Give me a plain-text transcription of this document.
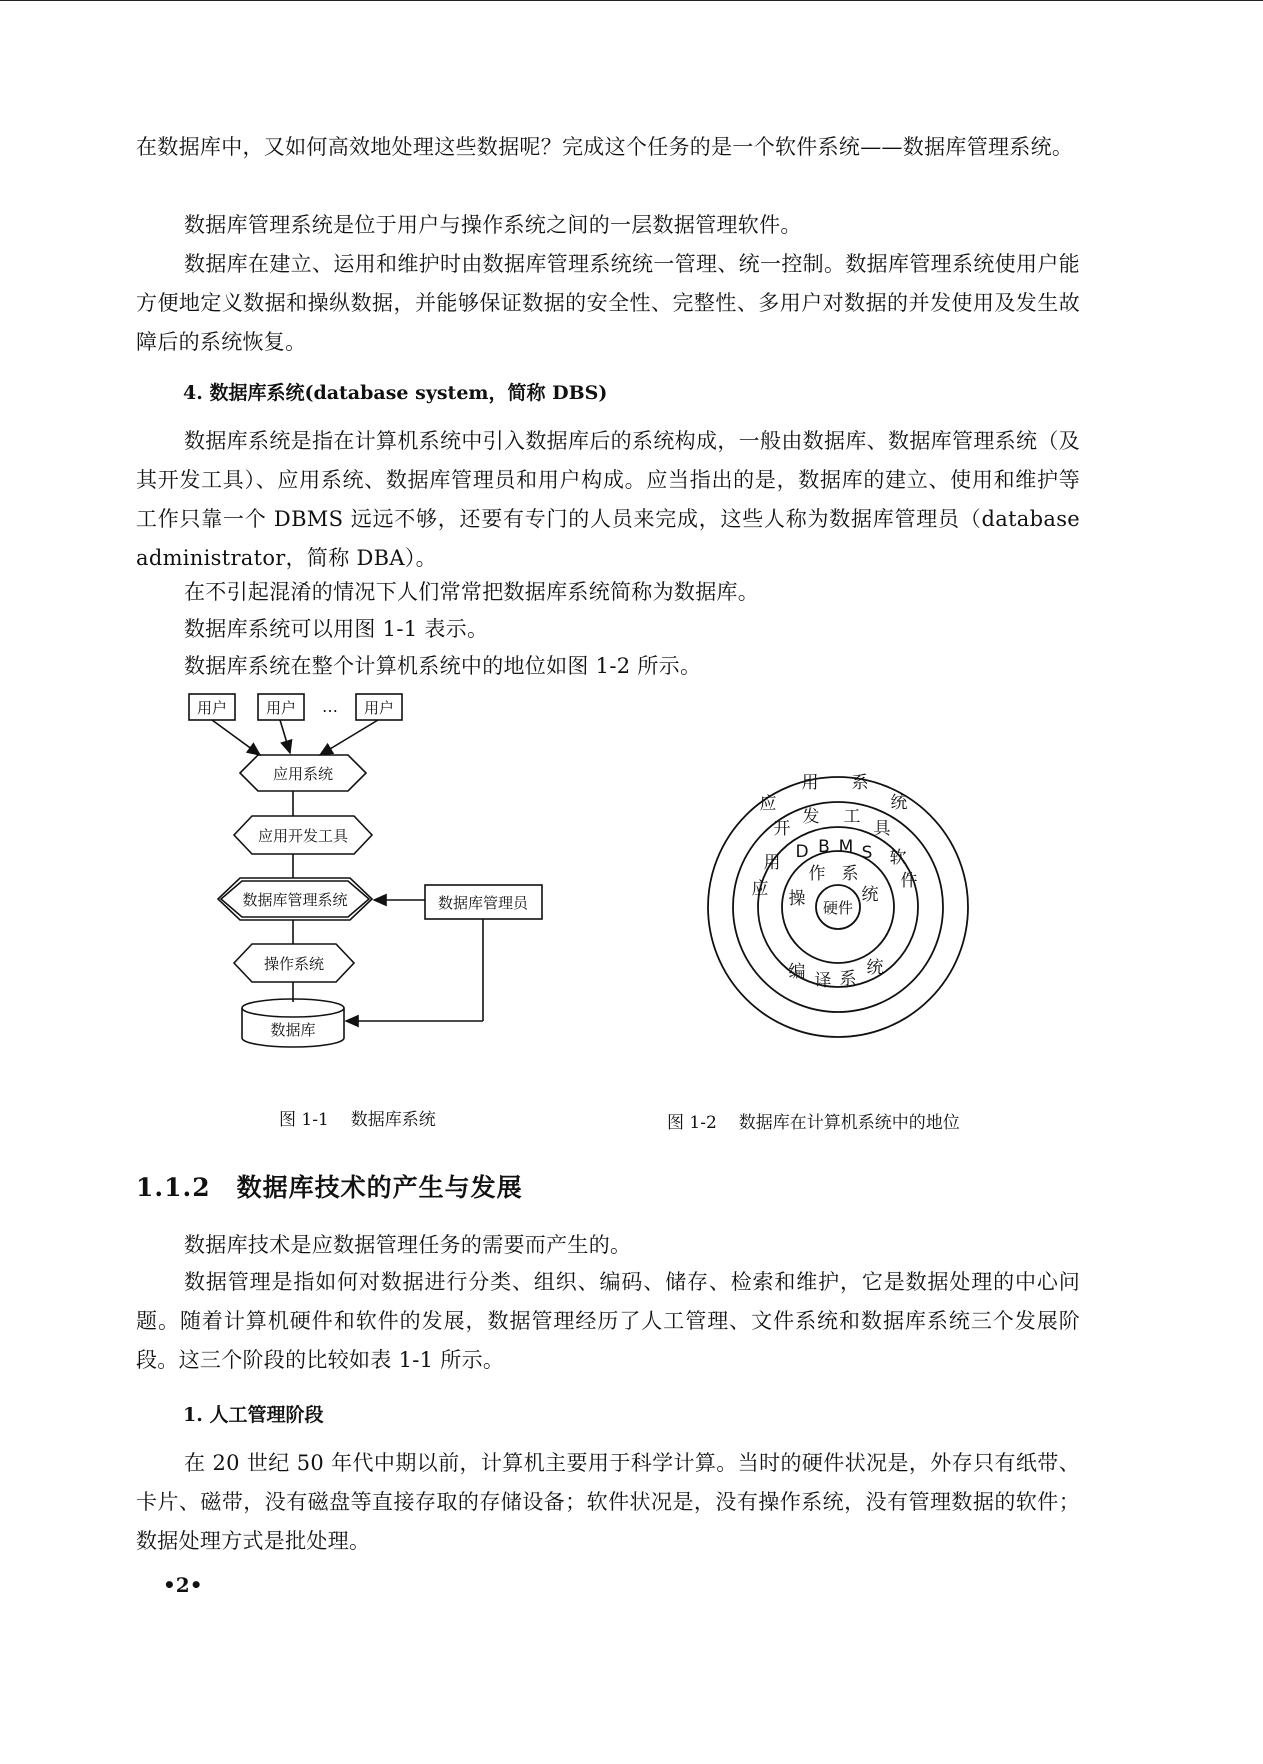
在数据库中，又如何高效地处理这些数据呢？完成这个任务的是一个软件系统——数据库管理系统。

数据库管理系统是位于用户与操作系统之间的一层数据管理软件。

数据库在建立、运用和维护时由数据库管理系统统一管理、统一控制。数据库管理系统使用户能方便地定义数据和操纵数据，并能够保证数据的安全性、完整性、多用户对数据的并发使用及发生故障后的系统恢复。

4. 数据库系统(database system，简称 DBS)

数据库系统是指在计算机系统中引入数据库后的系统构成，一般由数据库、数据库管理系统（及其开发工具）、应用系统、数据库管理员和用户构成。应当指出的是，数据库的建立、使用和维护等工作只靠一个 DBMS 远远不够，还要有专门的人员来完成，这些人称为数据库管理员（database administrator，简称 DBA）。

在不引起混淆的情况下人们常常把数据库系统简称为数据库。

数据库系统可以用图 1-1 表示。

数据库系统在整个计算机系统中的地位如图 1-2 所示。

用户	用户	用户
…
应用系统
应用开发工具
数据库管理系统	数据库管理员
操作系统
数据库
应
用 系
统
开
发 工
具
D B M S
应
用	软
件
编 译 系
统
操
作 系
统
硬件

图 1-1 数据库系统	图 1-2 数据库在计算机系统中的地位

1.1.2 数据库技术的产生与发展

数据库技术是应数据管理任务的需要而产生的。

数据管理是指如何对数据进行分类、组织、编码、储存、检索和维护，它是数据处理的中心问题。随着计算机硬件和软件的发展，数据管理经历了人工管理、文件系统和数据库系统三个发展阶段。这三个阶段的比较如表 1-1 所示。

1. 人工管理阶段

在 20 世纪 50 年代中期以前，计算机主要用于科学计算。当时的硬件状况是，外存只有纸带、卡片、磁带，没有磁盘等直接存取的存储设备；软件状况是，没有操作系统，没有管理数据的软件；数据处理方式是批处理。

•2•
